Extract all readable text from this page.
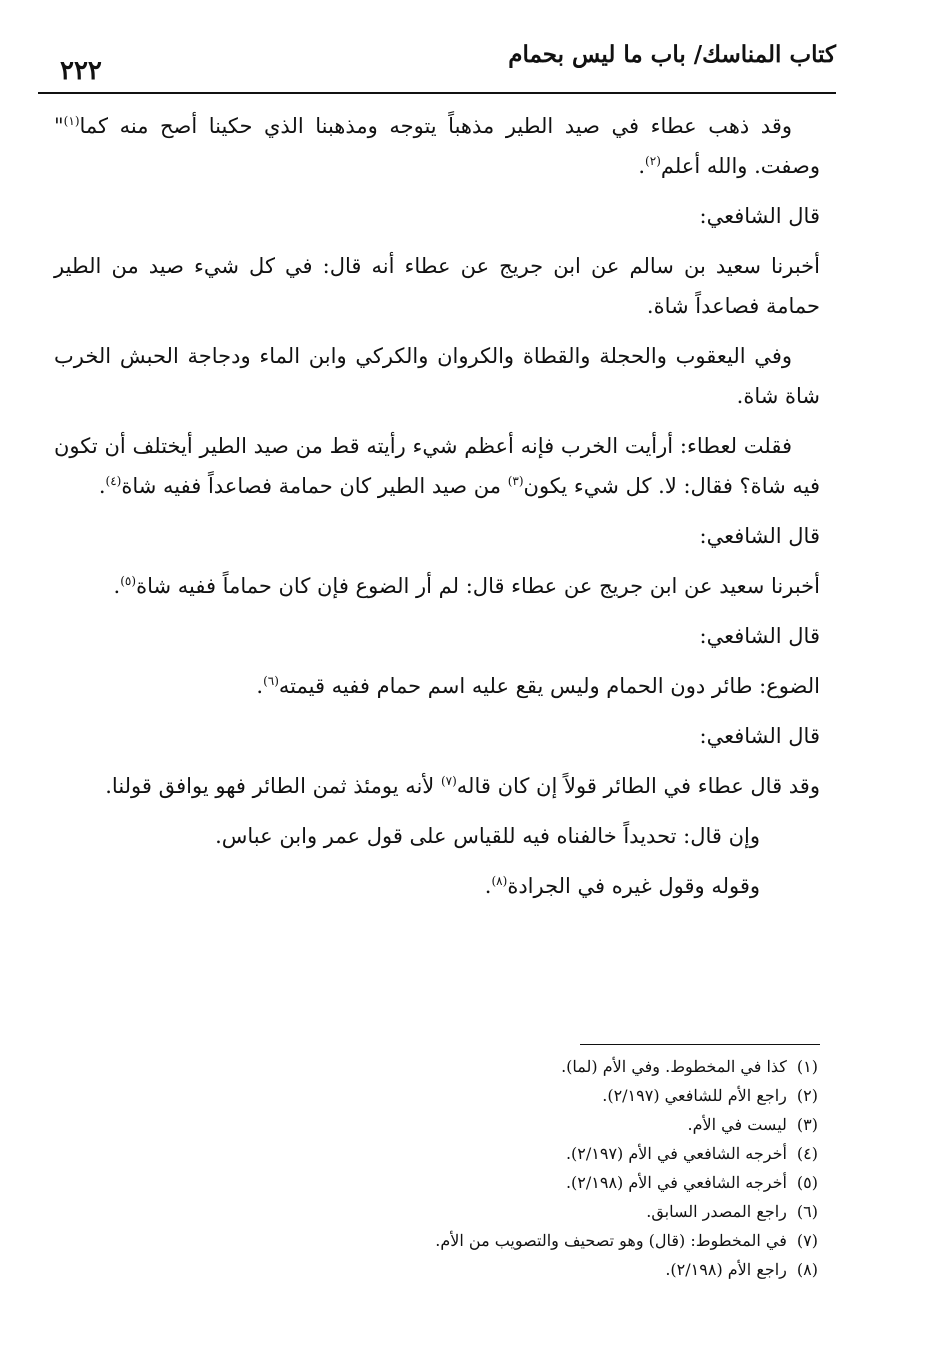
٢٢٢
كتاب المناسك/ باب ما ليس بحمام

وقد ذهب عطاء في صيد الطير مذهباً يتوجه ومذهبنا الذي حكينا أصح منه كما$^{(١)}$" وصفت. والله أعلم$^{(٢)}$.

قال الشافعي:

أخبرنا سعيد بن سالم عن ابن جريج عن عطاء أنه قال: في كل شيء صيد من الطير حمامة فصاعداً شاة.

وفي اليعقوب والحجلة والقطاة والكروان والكركي وابن الماء ودجاجة الحبش الخرب شاة شاة.

فقلت لعطاء: أرأيت الخرب فإنه أعظم شيء رأيته قط من صيد الطير أيختلف أن تكون فيه شاة؟ فقال: لا. كل شيء يكون$^{(٣)}$ من صيد الطير كان حمامة فصاعداً ففيه شاة$^{(٤)}$.

قال الشافعي:

أخبرنا سعيد عن ابن جريج عن عطاء قال: لم أر الضوع فإن كان حماماً ففيه شاة$^{(٥)}$.

قال الشافعي:

الضوع: طائر دون الحمام وليس يقع عليه اسم حمام ففيه قيمته$^{(٦)}$.

قال الشافعي:

وقد قال عطاء في الطائر قولاً إن كان قاله$^{(٧)}$ لأنه يومئذ ثمن الطائر فهو يوافق قولنا.

وإن قال: تحديداً خالفناه فيه للقياس على قول عمر وابن عباس.

وقوله وقول غيره في الجرادة$^{(٨)}$.

(١) كذا في المخطوط. وفي الأم (لما).
(٢) راجع الأم للشافعي (٢/١٩٧).
(٣) ليست في الأم.
(٤) أخرجه الشافعي في الأم (٢/١٩٧).
(٥) أخرجه الشافعي في الأم (٢/١٩٨).
(٦) راجع المصدر السابق.
(٧) في المخطوط: (قال) وهو تصحيف والتصويب من الأم.
(٨) راجع الأم (٢/١٩٨).
